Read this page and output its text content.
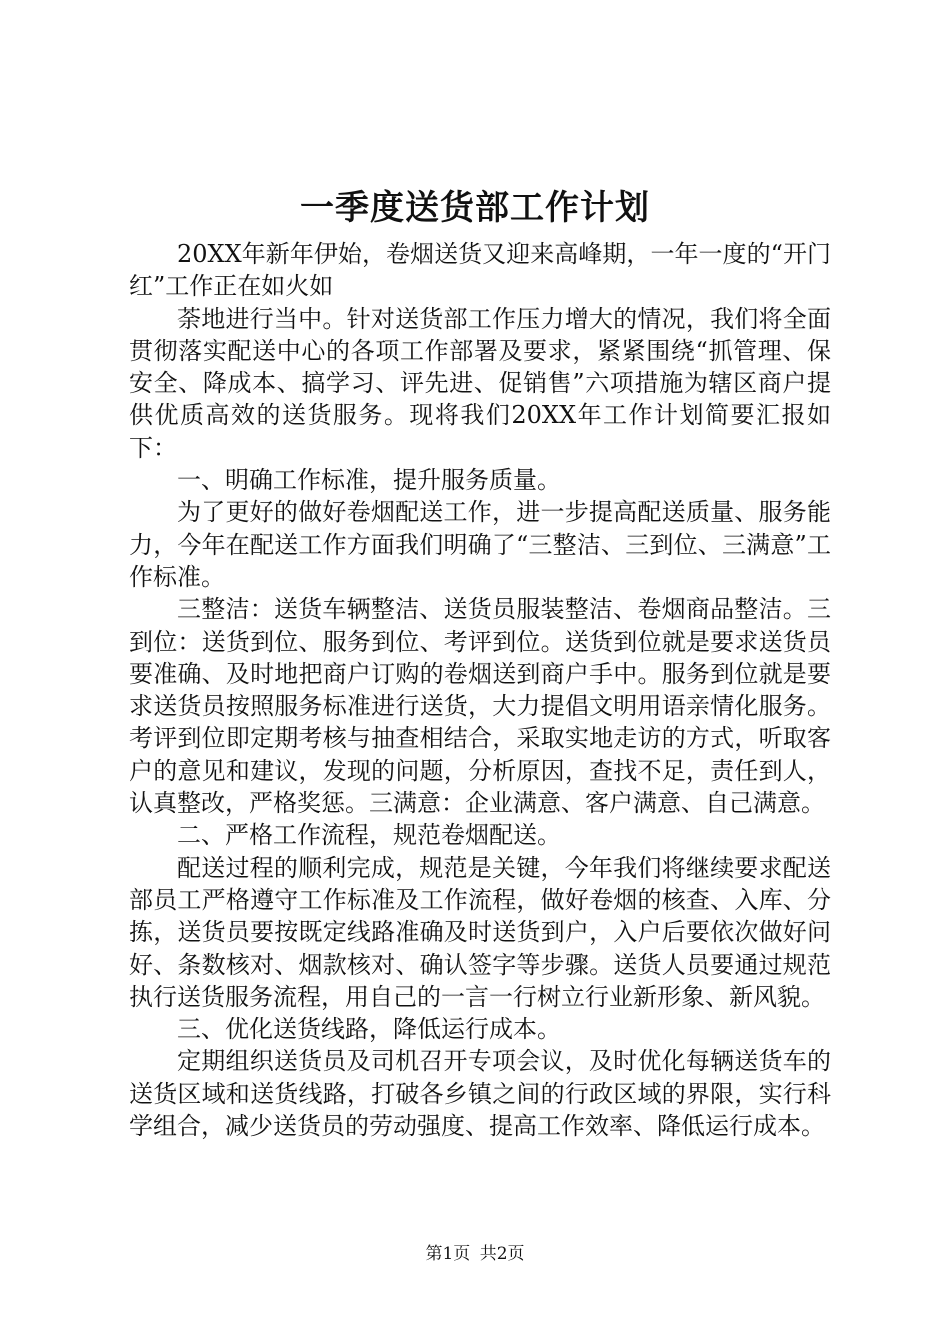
一季度送货部工作计划

20XX年新年伊始，卷烟送货又迎来高峰期，一年一度的“开门红”工作正在如火如

荼地进行当中。针对送货部工作压力增大的情况，我们将全面贯彻落实配送中心的各项工作部署及要求，紧紧围绕“抓管理、保安全、降成本、搞学习、评先进、促销售”六项措施为辖区商户提供优质高效的送货服务。现将我们20XX年工作计划简要汇报如下：

一、明确工作标准，提升服务质量。

为了更好的做好卷烟配送工作，进一步提高配送质量、服务能力，今年在配送工作方面我们明确了“三整洁、三到位、三满意”工作标准。

三整洁：送货车辆整洁、送货员服装整洁、卷烟商品整洁。三到位：送货到位、服务到位、考评到位。送货到位就是要求送货员要准确、及时地把商户订购的卷烟送到商户手中。服务到位就是要求送货员按照服务标准进行送货，大力提倡文明用语亲情化服务。考评到位即定期考核与抽查相结合，采取实地走访的方式，听取客户的意见和建议，发现的问题，分析原因，查找不足，责任到人，认真整改，严格奖惩。三满意：企业满意、客户满意、自己满意。

二、严格工作流程，规范卷烟配送。

配送过程的顺利完成，规范是关键，今年我们将继续要求配送部员工严格遵守工作标准及工作流程，做好卷烟的核查、入库、分拣，送货员要按既定线路准确及时送货到户，入户后要依次做好问好、条数核对、烟款核对、确认签字等步骤。送货人员要通过规范执行送货服务流程，用自己的一言一行树立行业新形象、新风貌。

三、优化送货线路，降低运行成本。

定期组织送货员及司机召开专项会议，及时优化每辆送货车的送货区域和送货线路，打破各乡镇之间的行政区域的界限，实行科学组合，减少送货员的劳动强度、提高工作效率、降低运行成本。

第1页 共2页
